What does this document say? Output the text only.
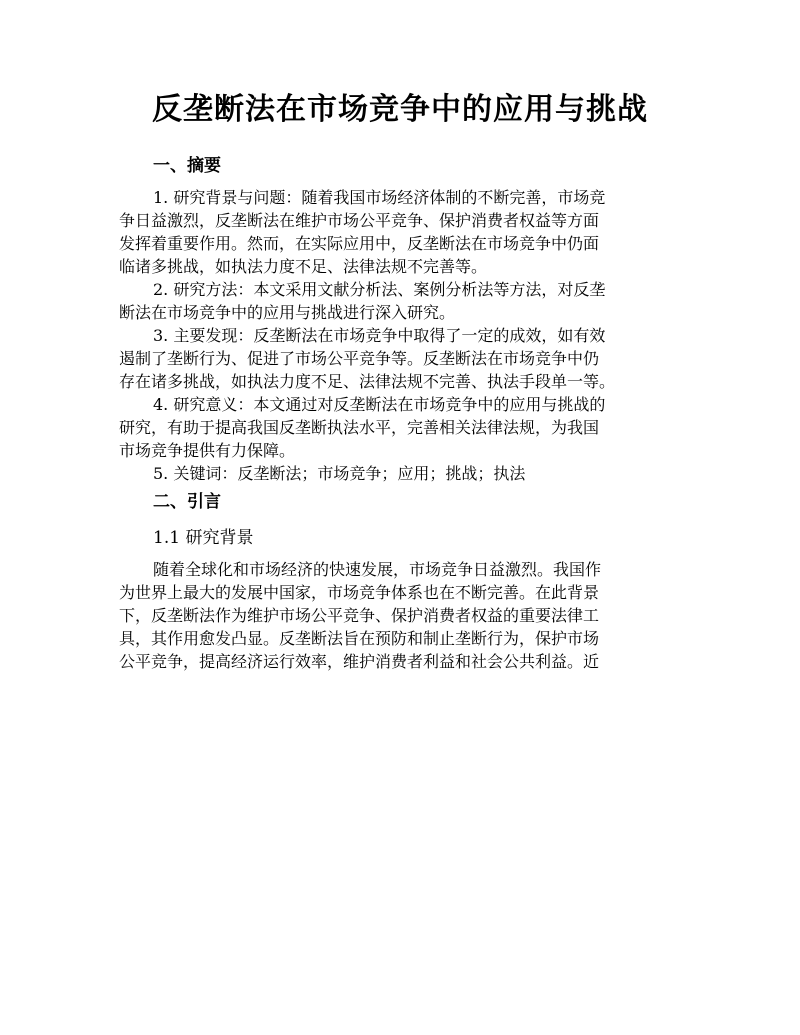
反垄断法在市场竞争中的应用与挑战
一、摘要
1. 研究背景与问题：随着我国市场经济体制的不断完善，市场竞
争日益激烈，反垄断法在维护市场公平竞争、保护消费者权益等方面
发挥着重要作用。然而，在实际应用中，反垄断法在市场竞争中仍面
临诸多挑战，如执法力度不足、法律法规不完善等。
2. 研究方法：本文采用文献分析法、案例分析法等方法，对反垄
断法在市场竞争中的应用与挑战进行深入研究。
3. 主要发现：反垄断法在市场竞争中取得了一定的成效，如有效
遏制了垄断行为、促进了市场公平竞争等。反垄断法在市场竞争中仍
存在诸多挑战，如执法力度不足、法律法规不完善、执法手段单一等。
4. 研究意义：本文通过对反垄断法在市场竞争中的应用与挑战的
研究，有助于提高我国反垄断执法水平，完善相关法律法规，为我国
市场竞争提供有力保障。
5. 关键词：反垄断法；市场竞争；应用；挑战；执法
二、引言
1.1 研究背景
随着全球化和市场经济的快速发展，市场竞争日益激烈。我国作
为世界上最大的发展中国家，市场竞争体系也在不断完善。在此背景
下，反垄断法作为维护市场公平竞争、保护消费者权益的重要法律工
具，其作用愈发凸显。反垄断法旨在预防和制止垄断行为，保护市场
公平竞争，提高经济运行效率，维护消费者利益和社会公共利益。近
